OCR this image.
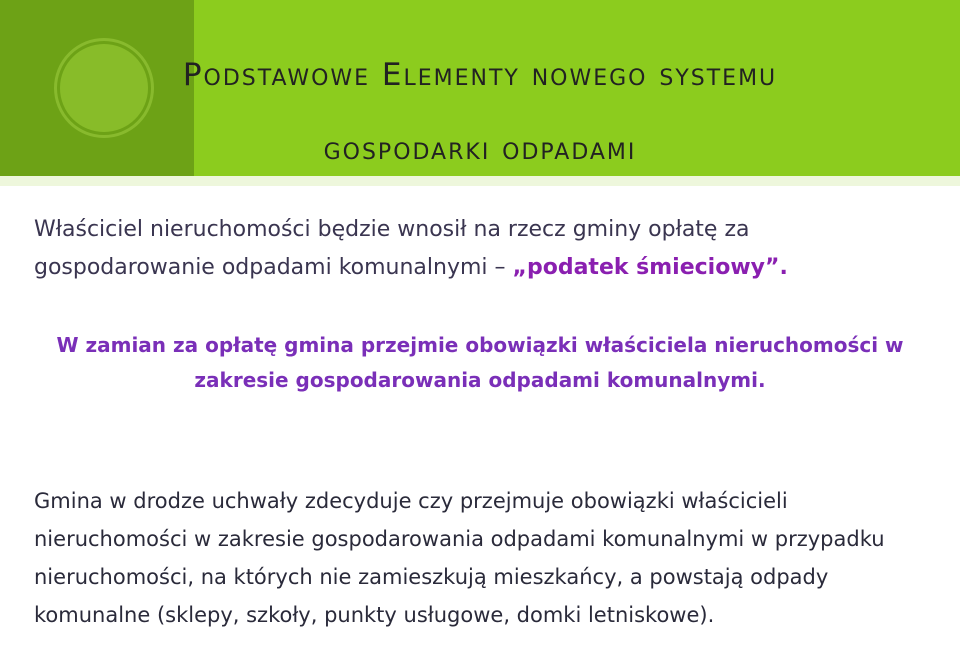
Podstawowe Elementy nowego systemu
gospodarki odpadami
Właściciel nieruchomości będzie wnosił na rzecz gminy opłatę za gospodarowanie odpadami komunalnymi – „podatek śmieciowy”.
W zamian za opłatę gmina przejmie obowiązki właściciela nieruchomości w zakresie gospodarowania odpadami komunalnymi.
Gmina w drodze uchwały zdecyduje czy przejmuje obowiązki właścicieli nieruchomości w zakresie gospodarowania odpadami komunalnymi w przypadku nieruchomości, na których nie zamieszkują mieszkańcy, a powstają odpady komunalne (sklepy, szkoły, punkty usługowe, domki letniskowe).
